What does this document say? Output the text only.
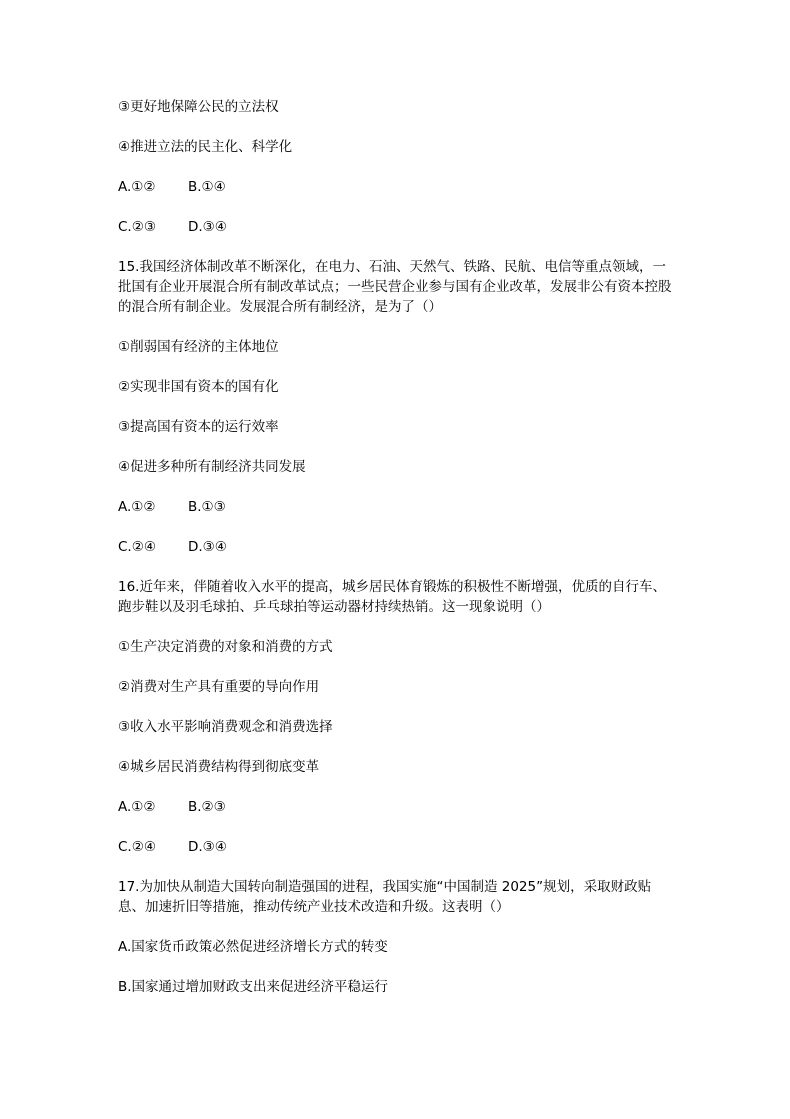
③更好地保障公民的立法权

④推进立法的民主化、科学化

A.①② B.①④

C.②③ D.③④

15.我国经济体制改革不断深化，在电力、石油、天然气、铁路、民航、电信等重点领域，一批国有企业开展混合所有制改革试点；一些民营企业参与国有企业改革，发展非公有资本控股的混合所有制企业。发展混合所有制经济，是为了（）

①削弱国有经济的主体地位

②实现非国有资本的国有化

③提高国有资本的运行效率

④促进多种所有制经济共同发展

A.①② B.①③

C.②④ D.③④

16.近年来，伴随着收入水平的提高，城乡居民体育锻炼的积极性不断增强，优质的自行车、跑步鞋以及羽毛球拍、乒乓球拍等运动器材持续热销。这一现象说明（）

①生产决定消费的对象和消费的方式

②消费对生产具有重要的导向作用

③收入水平影响消费观念和消费选择

④城乡居民消费结构得到彻底变革

A.①② B.②③

C.②④ D.③④

17.为加快从制造大国转向制造强国的进程，我国实施“中国制造 2025”规划，采取财政贴息、加速折旧等措施，推动传统产业技术改造和升级。这表明（）

A.国家货币政策必然促进经济增长方式的转变

B.国家通过增加财政支出来促进经济平稳运行
